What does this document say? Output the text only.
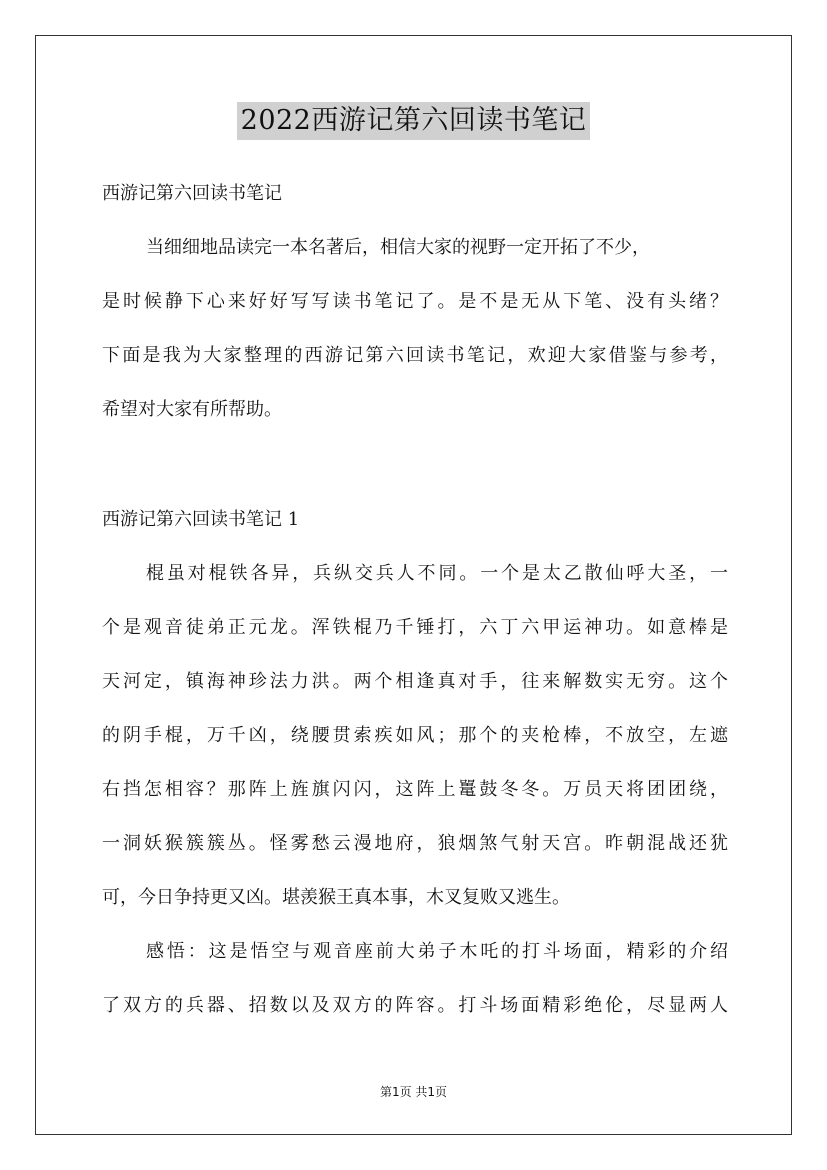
2022西游记第六回读书笔记
西游记第六回读书笔记
当细细地品读完一本名著后，相信大家的视野一定开拓了不少，
是时候静下心来好好写写读书笔记了。是不是无从下笔、没有头绪？
下面是我为大家整理的西游记第六回读书笔记，欢迎大家借鉴与参考，
希望对大家有所帮助。
西游记第六回读书笔记 1
棍虽对棍铁各异，兵纵交兵人不同。一个是太乙散仙呼大圣，一
个是观音徒弟正元龙。浑铁棍乃千锤打，六丁六甲运神功。如意棒是
天河定，镇海神珍法力洪。两个相逢真对手，往来解数实无穷。这个
的阴手棍，万千凶，绕腰贯索疾如风；那个的夹枪棒，不放空，左遮
右挡怎相容？那阵上旌旗闪闪，这阵上鼍鼓冬冬。万员天将团团绕，
一洞妖猴簇簇丛。怪雾愁云漫地府，狼烟煞气射天宫。昨朝混战还犹
可，今日争持更又凶。堪羡猴王真本事，木叉复败又逃生。
感悟：这是悟空与观音座前大弟子木吒的打斗场面，精彩的介绍
了双方的兵器、招数以及双方的阵容。打斗场面精彩绝伦，尽显两人
第1页 共1页
